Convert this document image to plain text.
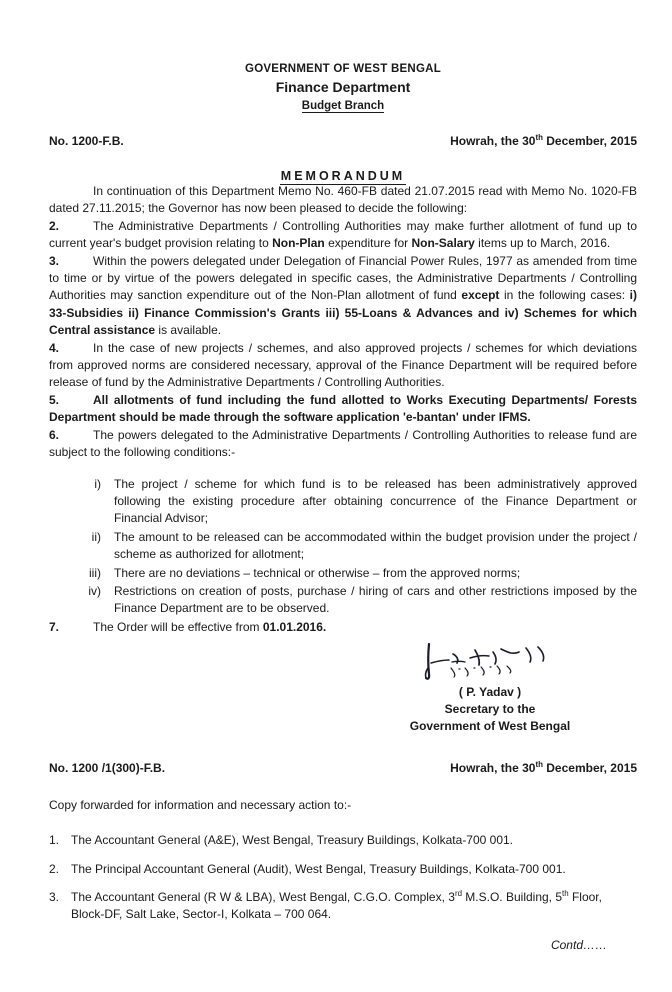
GOVERNMENT OF WEST BENGAL
Finance Department
Budget Branch
No. 1200-F.B.	Howrah, the 30th December, 2015
MEMORANDUM

In continuation of this Department Memo No. 460-FB dated 21.07.2015 read with Memo No. 1020-FB dated 27.11.2015; the Governor has now been pleased to decide the following:

2.	The Administrative Departments / Controlling Authorities may make further allotment of fund up to current year's budget provision relating to Non-Plan expenditure for Non-Salary items up to March, 2016.

3.	Within the powers delegated under Delegation of Financial Power Rules, 1977 as amended from time to time or by virtue of the powers delegated in specific cases, the Administrative Departments / Controlling Authorities may sanction expenditure out of the Non-Plan allotment of fund except in the following cases: i) 33-Subsidies ii) Finance Commission's Grants iii) 55-Loans & Advances and iv) Schemes for which Central assistance is available.

4.	In the case of new projects / schemes, and also approved projects / schemes for which deviations from approved norms are considered necessary, approval of the Finance Department will be required before release of fund by the Administrative Departments / Controlling Authorities.

5.	All allotments of fund including the fund allotted to Works Executing Departments/ Forests Department should be made through the software application 'e-bantan' under IFMS.

6.	The powers delegated to the Administrative Departments / Controlling Authorities to release fund are subject to the following conditions:-

i) The project / scheme for which fund is to be released has been administratively approved following the existing procedure after obtaining concurrence of the Finance Department or Financial Advisor;
ii) The amount to be released can be accommodated within the budget provision under the project / scheme as authorized for allotment;
iii) There are no deviations – technical or otherwise – from the approved norms;
iv) Restrictions on creation of posts, purchase / hiring of cars and other restrictions imposed by the Finance Department are to be observed.

7.	The Order will be effective from 01.01.2016.

( P. Yadav )
Secretary to the
Government of West Bengal
No. 1200 /1(300)-F.B.	Howrah, the 30th December, 2015
Copy forwarded for information and necessary action to:-
1. The Accountant General (A&E), West Bengal, Treasury Buildings, Kolkata-700 001.
2. The Principal Accountant General (Audit), West Bengal, Treasury Buildings, Kolkata-700 001.
3. The Accountant General (R W & LBA), West Bengal, C.G.O. Complex, 3rd M.S.O. Building, 5th Floor, Block-DF, Salt Lake, Sector-I, Kolkata – 700 064.
Contd……
